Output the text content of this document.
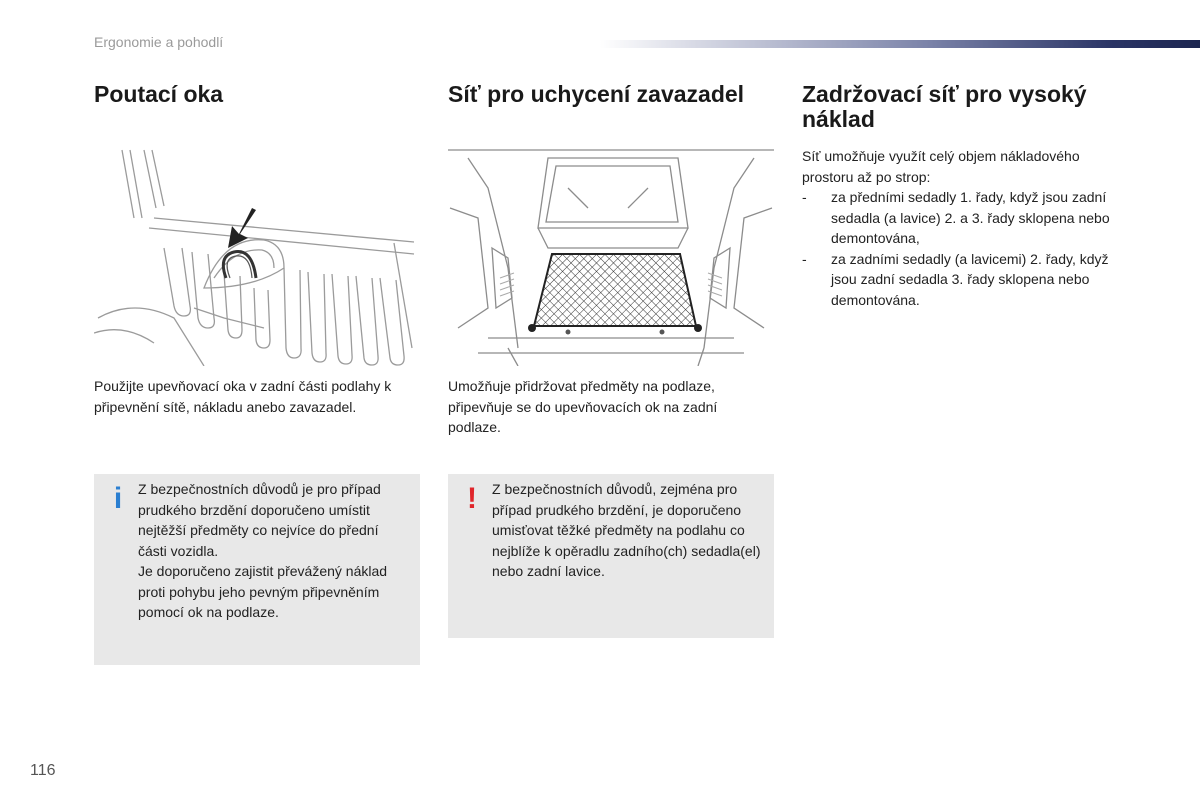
Ergonomie a pohodlí
Poutací oka

Použijte upevňovací oka v zadní části podlahy k připevnění sítě, nákladu anebo zavazadel.

i	Z bezpečnostních důvodů je pro případ prudkého brzdění doporučeno umístit nejtěžší předměty co nejvíce do přední části vozidla.
Je doporučeno zajistit převážený náklad proti pohybu jeho pevným připevněním pomocí ok na podlaze.

Síť pro uchycení zavazadel

Umožňuje přidržovat předměty na podlaze, připevňuje se do upevňovacích ok na zadní podlaze.

!	Z bezpečnostních důvodů, zejména pro případ prudkého brzdění, je doporučeno umisťovat těžké předměty na podlahu co nejblíže k opěradlu zadního(ch) sedadla(el) nebo zadní lavice.

Zadržovací síť pro vysoký náklad

Síť umožňuje využít celý objem nákladového prostoru až po strop:

- za předními sedadly 1. řady, když jsou zadní sedadla (a lavice) 2. a 3. řady sklopena nebo demontována,
- za zadními sedadly (a lavicemi) 2. řady, když jsou zadní sedadla 3. řady sklopena nebo demontována.
116
